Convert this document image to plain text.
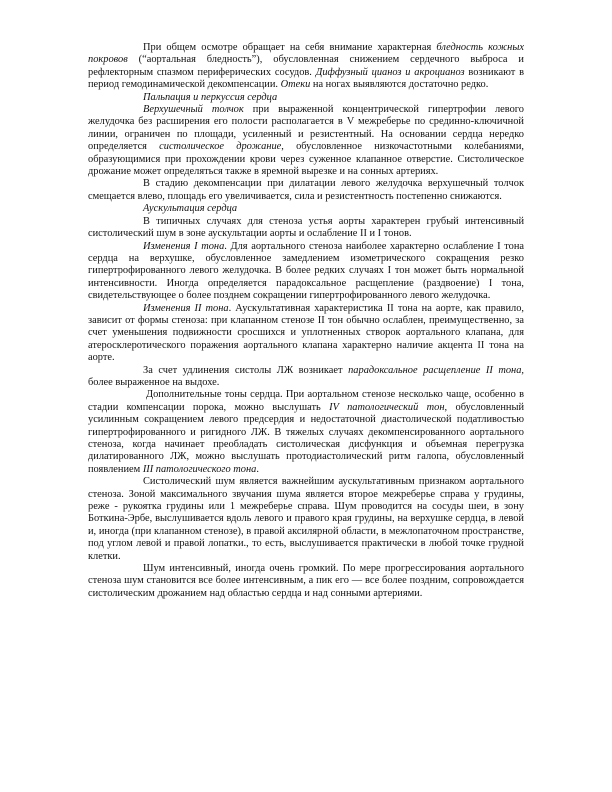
При общем осмотре обращает на себя внимание характерная бледность кожных покровов (“аортальная бледность”), обусловленная снижением сердечного выброса и рефлекторным спазмом периферических сосудов. Диффузный цианоз и акроцианоз возникают в период гемодинамической декомпенсации. Отеки на ногах выявляются достаточно редко.

Пальпация и перкуссия сердца

Верхушечный толчок при выраженной концентрической гипертрофии левого желудочка без расширения его полости располагается в V межреберье по срединно-ключичной линии, ограничен по площади, усиленный и резистентный. На основании сердца нередко определяется систолическое дрожание, обусловленное низкочастотными колебаниями, образующимися при прохождении крови через суженное клапанное отверстие. Систолическое дрожание может определяться также в яремной вырезке и на сонных артериях.

В стадию декомпенсации при дилатации левого желудочка верхушечный толчок смещается влево, площадь его увеличивается, сила и резистентность постепенно снижаются.

Аускультация сердца

В типичных случаях для стеноза устья аорты характерен грубый интенсивный систолический шум в зоне аускультации аорты и ослабление II и I тонов.

Изменения I тона. Для аортального стеноза наиболее характерно ослабление I тона сердца на верхушке, обусловленное замедлением изометрического сокращения резко гипертрофированного левого желудочка. В более редких случаях I тон может быть нормальной интенсивности. Иногда определяется парадоксальное расщепление (раздвоение) I тона, свидетельствующее о более позднем сокращении гипертрофированного левого желудочка.

Изменения II тона. Аускультативная характеристика II тона на аорте, как правило, зависит от формы стеноза: при клапанном стенозе II тон обычно ослаблен, преимущественно, за счет уменьшения подвижности сросшихся и уплотненных створок аортального клапана, для атеросклеротического поражения аортального клапана характерно наличие акцента II тона на аорте.

За счет удлинения систолы ЛЖ возникает парадоксальное расщепление II тона, более выраженное на выдохе.

Дополнительные тоны сердца. При аортальном стенозе несколько чаще, особенно в стадии компенсации порока, можно выслушать IV патологический тон, обусловленный усилинным сокращением левого предсердия и недостаточной диастолической податливостью гипертрофированного и ригидного ЛЖ. В тяжелых случаях декомпенсированного аортального стеноза, когда начинает преобладать систолическая дисфункция и объемная перегрузка дилатированного ЛЖ, можно выслушать протодиастолический ритм галопа, обусловленный появлением III патологического тона.

Систолический шум является важнейшим аускультативным признаком аортального стеноза. Зоной максимального звучания шума является второе межреберье справа у грудины, реже - рукоятка грудины или 1 межреберье справа. Шум проводится на сосуды шеи, в зону Боткина-Эрбе, выслушивается вдоль левого и правого края грудины, на верхушке сердца, в левой и, иногда (при клапанном стенозе), в правой аксилярной области, в межлопаточном пространстве, под углом левой и правой лопатки., то есть, выслушивается практически в любой точке грудной клетки.

Шум интенсивный, иногда очень громкий. По мере прогрессирования аортального стеноза шум становится все более интенсивным, а пик его — все более поздним, сопровождается систолическим дрожанием над областью сердца и над сонными артериями.
